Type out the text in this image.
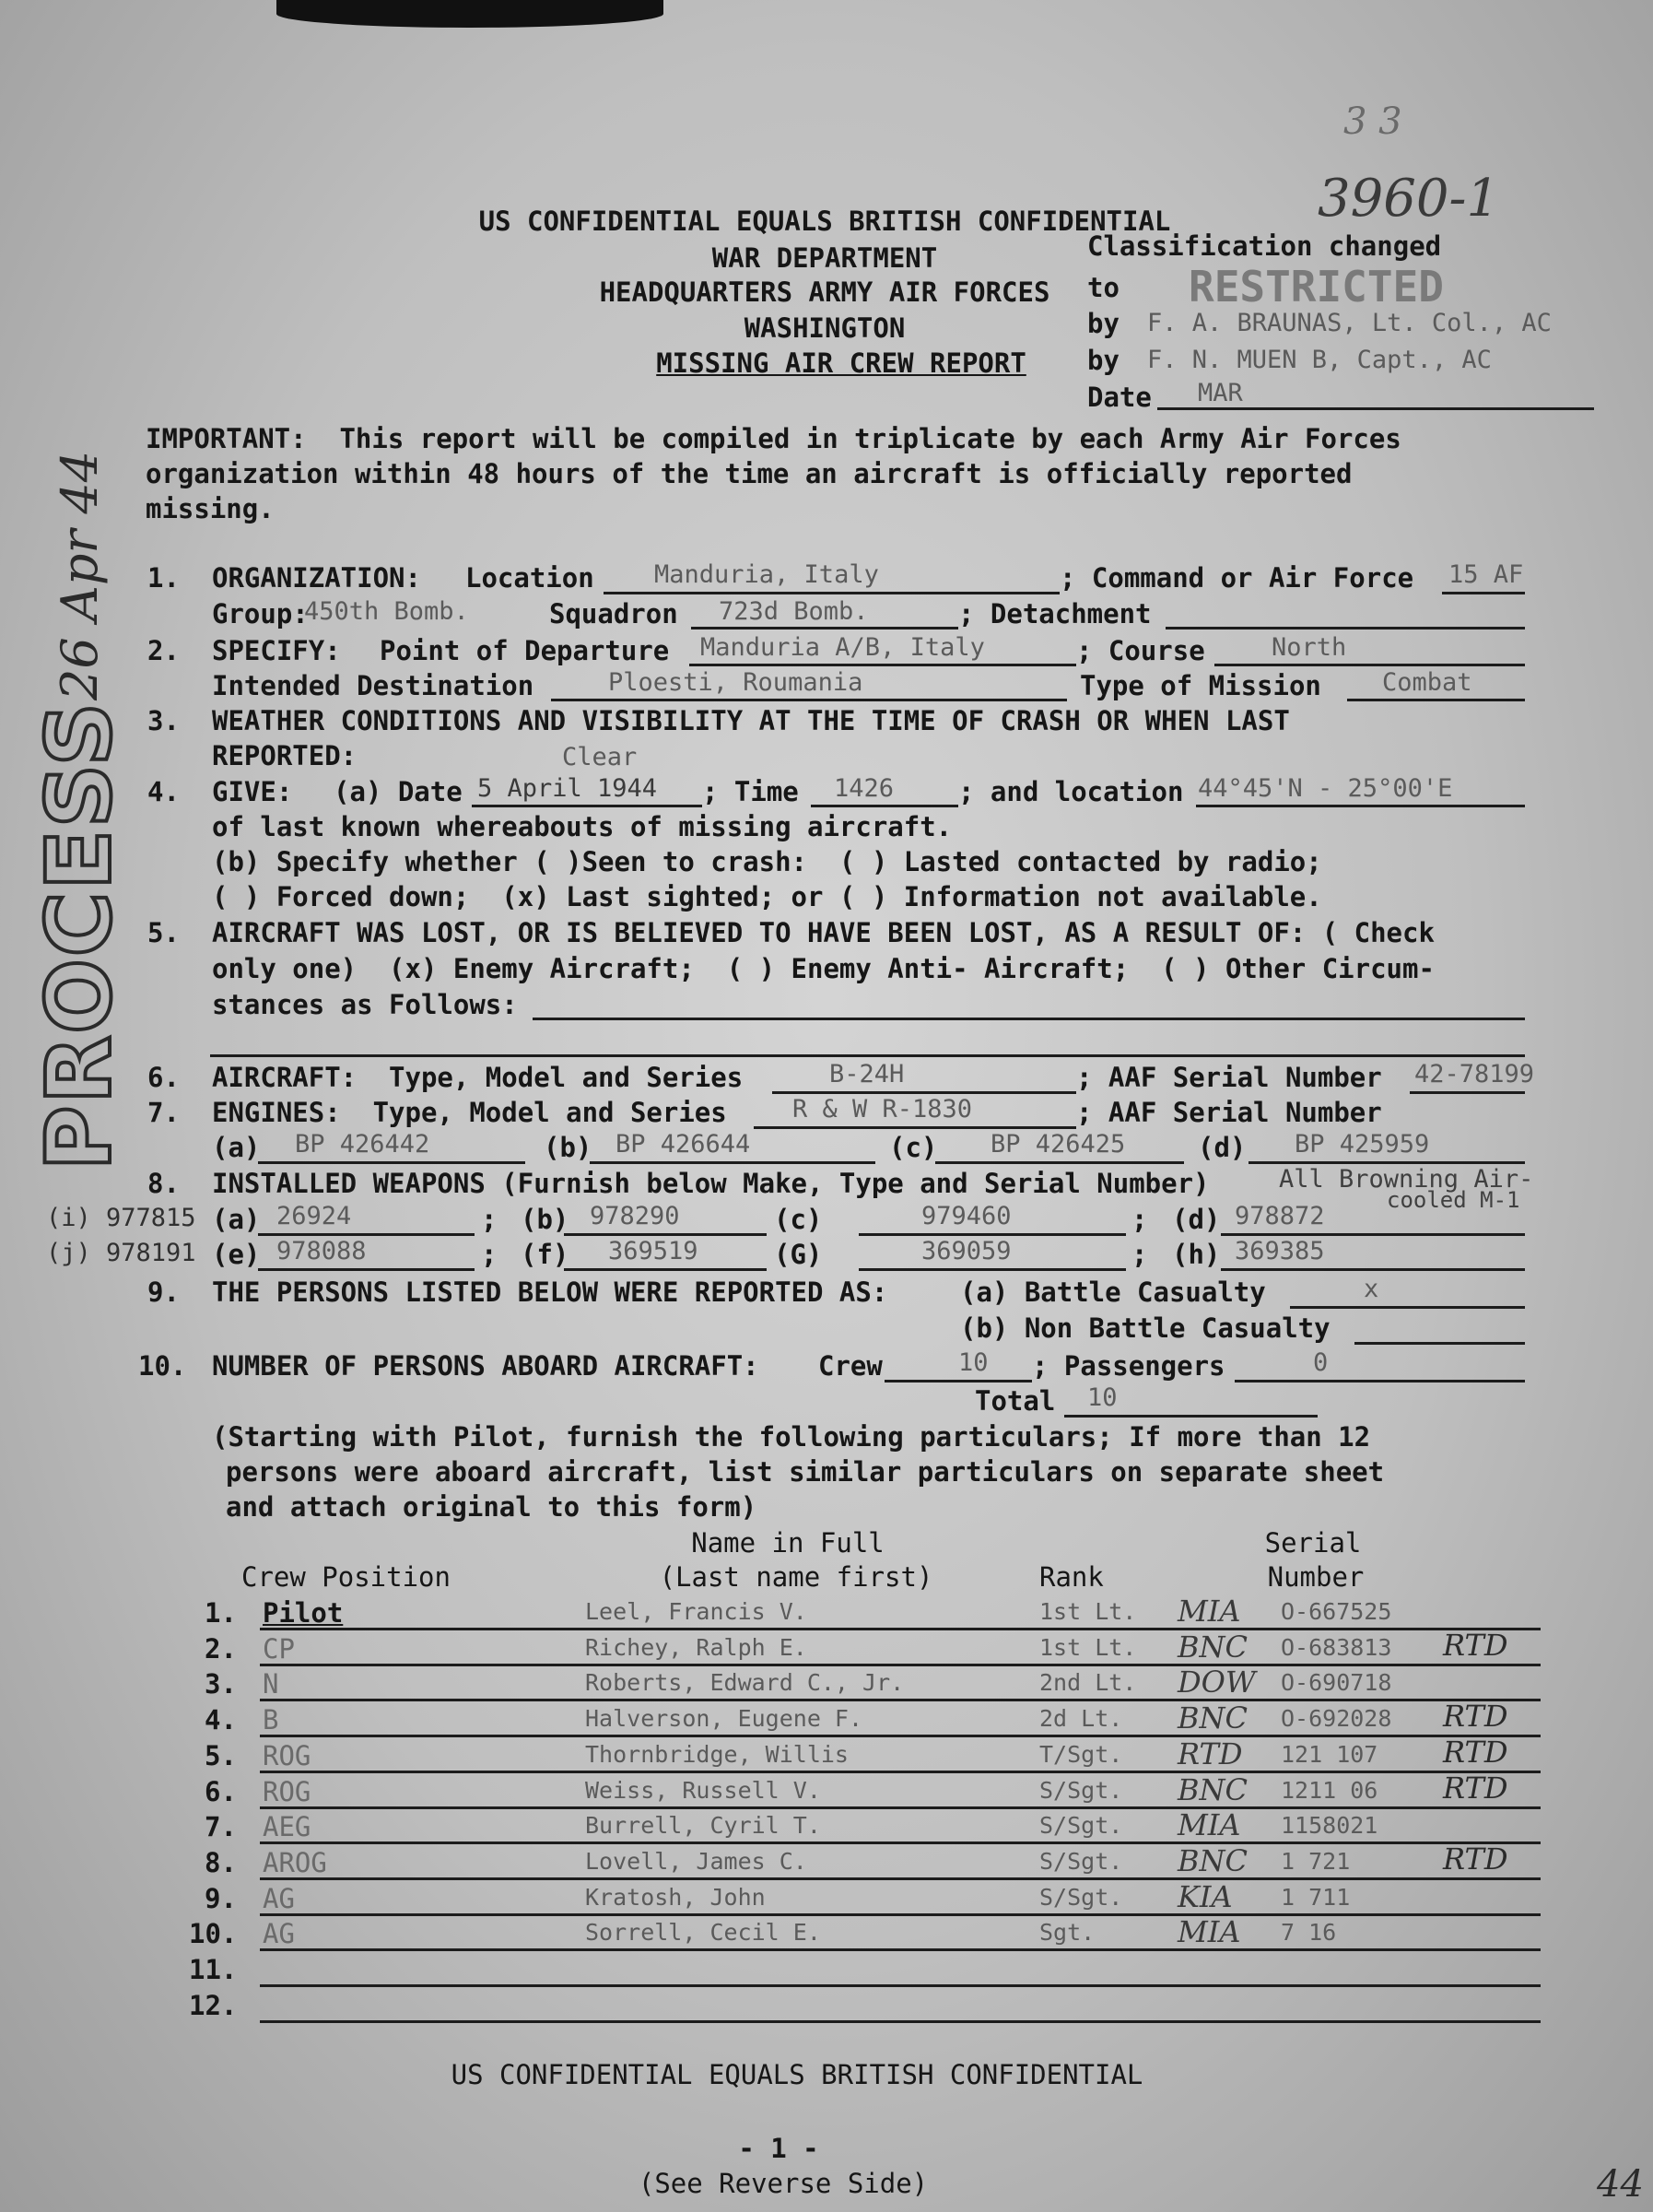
3 3
3960-1
US CONFIDENTIAL EQUALS BRITISH CONFIDENTIAL
WAR DEPARTMENT
HEADQUARTERS ARMY AIR FORCES
WASHINGTON
MISSING AIR CREW REPORT
Classification changed
to RESTRICTED
by F. A. BRAUNAS, Lt. Col., AC
by F. N. MUEN B, Capt., AC
Date MAR
26 Apr 44
PROCESS
IMPORTANT: This report will be compiled in triplicate by each Army Air Forces
organization within 48 hours of the time an aircraft is officially reported
missing.
1. ORGANIZATION: Location Manduria, Italy	; Command or Air Force 15 AF
Group:
450th Bomb.	Squadron 723d Bomb.	; Detachment
2. SPECIFY: Point of Departure Manduria A/B, Italy	; Course	North
Intended Destination	Ploesti, Roumania	Type of Mission Combat
3. WEATHER CONDITIONS AND VISIBILITY AT THE TIME OF CRASH OR WHEN LAST
REPORTED:	Clear
4. GIVE: (a) Date 5 April 1944 ; Time 1426 ; and location 44°45'N - 25°00'E
of last known whereabouts of missing aircraft.
(b) Specify whether ( )Seen to crash:  ( ) Lasted contacted by radio;
( ) Forced down;  (x) Last sighted; or ( ) Information not available.
5. AIRCRAFT WAS LOST, OR IS BELIEVED TO HAVE BEEN LOST, AS A RESULT OF: ( Check
only one)  (x) Enemy Aircraft;  ( ) Enemy Anti- Aircraft;  ( ) Other Circum-
stances as Follows:
6. AIRCRAFT:  Type, Model and Series	B-24H	; AAF Serial Number 42-78199
7. ENGINES:  Type, Model and Series	R & W R-1830	; AAF Serial Number
(a) BP 426442	(b) BP 426644	(c) BP 426425	(d) BP 425959
8. INSTALLED WEAPONS (Furnish below Make, Type and Serial Number)	All Browning Air-
cooled M-1
(i) 977815 (a) 26924	; (b) 978290	(c)	979460	; (d) 978872
(j) 978191 (e) 978088	; (f) 369519	(G)	369059	; (h) 369385
9. THE PERSONS LISTED BELOW WERE REPORTED AS:	(a) Battle Casualty	x
(b) Non Battle Casualty
10. NUMBER OF PERSONS ABOARD AIRCRAFT: Crew	10 ; Passengers	0
Total 10
(Starting with Pilot, furnish the following particulars; If more than 12
persons were aboard aircraft, list similar particulars on separate sheet
and attach original to this form)
Name in Full	Serial
Crew Position	(Last name first)	Rank	Number
1. Pilot	Leel, Francis V.	1st Lt. MIA O-667525
2. CP	Richey, Ralph E.	1st Lt. BNC O-683813 RTD
3. N	Roberts, Edward C., Jr.	2nd Lt. DOW O-690718
4. B	Halverson, Eugene F.	2d Lt. BNC O-692028 RTD
5. ROG	Thornbridge, Willis	T/Sgt. RTD 121 107 RTD
6. ROG	Weiss, Russell V.	S/Sgt. BNC 1211 06 RTD
7. AEG	Burrell, Cyril T.	S/Sgt. MIA 1158021
8. AROG	Lovell, James C.	S/Sgt. BNC 1 721	RTD
9. AG	Kratosh, John	S/Sgt. KIA 1 711
10. AG	Sorrell, Cecil E.	Sgt.	MIA 7 16
11.
12.
US CONFIDENTIAL EQUALS BRITISH CONFIDENTIAL
- 1 -
(See Reverse Side)	44
